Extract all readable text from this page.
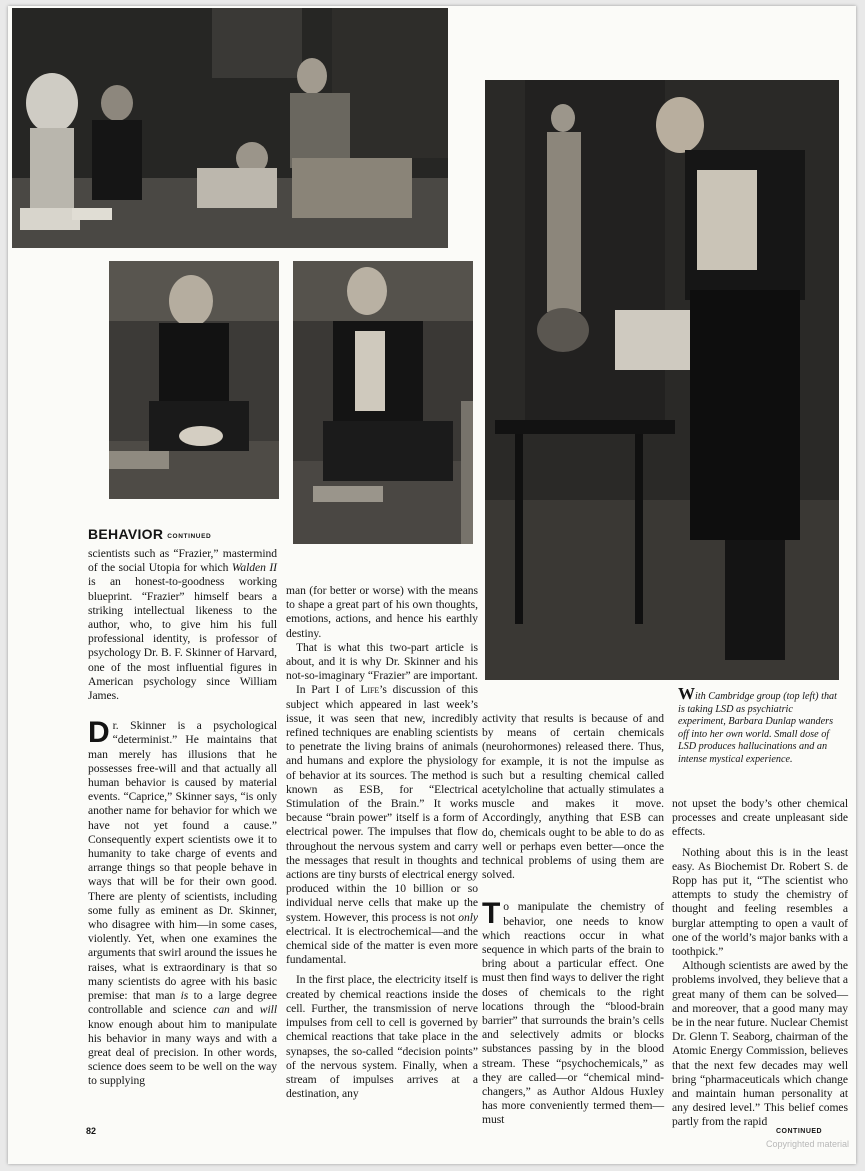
BEHAVIOR CONTINUED

scientists such as “Frazier,” mastermind of the social Utopia for which Walden II is an honest-to-goodness working blueprint. “Frazier” himself bears a striking intellectual likeness to the author, who, to give him his full professional identity, is professor of psychology Dr. B. F. Skinner of Harvard, one of the most influential figures in American psychology since William James.

Dr. Skinner is a psychological “determinist.” He maintains that man merely has illusions that he possesses free-will and that actually all human behavior is caused by material events. “Caprice,” Skinner says, “is only another name for behavior for which we have not yet found a cause.” Consequently expert scientists owe it to humanity to take charge of events and arrange things so that people behave in ways that will be for their own good. There are plenty of scientists, including some fully as eminent as Dr. Skinner, who disagree with him—in some cases, violently. Yet, when one examines the arguments that swirl around the issues he raises, what is extraordinary is that so many scientists do agree with his basic premise: that man is to a large degree controllable and science can and will know enough about him to manipulate his behavior in many ways and with a great deal of precision. In other words, science does seem to be well on the way to supplying

man (for better or worse) with the means to shape a great part of his own thoughts, emotions, actions, and hence his earthly destiny.

That is what this two-part article is about, and it is why Dr. Skinner and his not-so-imaginary “Frazier” are important.

In Part I of Life’s discussion of this subject which appeared in last week’s issue, it was seen that new, incredibly refined techniques are enabling scientists to penetrate the living brains of animals and humans and explore the physiology of behavior at its sources. The method is known as ESB, for “Electrical Stimulation of the Brain.” It works because “brain power” itself is a form of electrical power. The impulses that flow throughout the nervous system and carry the messages that result in thoughts and actions are tiny bursts of electrical energy produced within the 10 billion or so individual nerve cells that make up the system. However, this process is not only electrical. It is electrochemical—and the chemical side of the matter is even more fundamental.

In the first place, the electricity itself is created by chemical reactions inside the cell. Further, the transmission of nerve impulses from cell to cell is governed by chemical reactions that take place in the synapses, the so-called “decision points” of the nervous system. Finally, when a stream of impulses arrives at a destination, any

activity that results is because of and by means of certain chemicals (neurohormones) released there. Thus, for example, it is not the impulse as such but a resulting chemical called acetylcholine that actually stimulates a muscle and makes it move. Accordingly, anything that ESB can do, chemicals ought to be able to do as well or perhaps even better—once the technical problems of using them are solved.

To manipulate the chemistry of behavior, one needs to know which reactions occur in what sequence in which parts of the brain to bring about a particular effect. One must then find ways to deliver the right doses of chemicals to the right locations through the “blood-brain barrier” that surrounds the brain’s cells and selectively admits or blocks substances passing by in the blood stream. These “psychochemicals,” as they are called—or “chemical mind-changers,” as Author Aldous Huxley has more conveniently termed them—must

not upset the body’s other chemical processes and create unpleasant side effects.

Nothing about this is in the least easy. As Biochemist Dr. Robert S. de Ropp has put it, “The scientist who attempts to study the chemistry of thought and feeling resembles a burglar attempting to open a vault of one of the world’s major banks with a toothpick.”

Although scientists are awed by the problems involved, they believe that a great many of them can be solved—and moreover, that a good many may be in the near future. Nuclear Chemist Dr. Glenn T. Seaborg, chairman of the Atomic Energy Commission, believes that the next few decades may well bring “pharmaceuticals which change and maintain human personality at any desired level.” This belief comes partly from the rapid

With Cambridge group (top left) that is taking LSD as psychiatric experiment, Barbara Dunlap wanders off into her own world. Small dose of LSD produces hallucinations and an intense mystical experience.
82	CONTINUED
Copyrighted material
